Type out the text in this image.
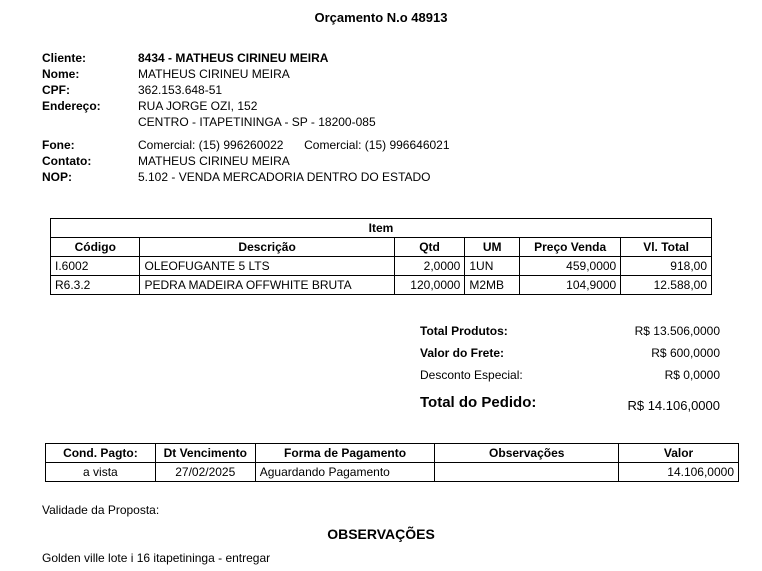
Orçamento N.o 48913
Cliente:	8434 - MATHEUS CIRINEU MEIRA
Nome:	MATHEUS CIRINEU MEIRA
CPF:	362.153.648-51
Endereço:	RUA JORGE OZI, 152
CENTRO - ITAPETININGA - SP - 18200-085
Fone:	Comercial: (15) 996260022 Comercial: (15) 996646021
Contato:	MATHEUS CIRINEU MEIRA
NOP:	5.102 - VENDA MERCADORIA DENTRO DO ESTADO
Item					
Código	Descrição	Qtd	UM	Preço Venda	Vl. Total
I.6002	OLEOFUGANTE 5 LTS	2,0000	1UN	459,0000	918,00
R6.3.2	PEDRA MADEIRA OFFWHITE BRUTA	120,0000	M2MB	104,9000	12.588,00
Total Produtos:	R$ 13.506,0000
Valor do Frete:	R$ 600,0000
Desconto Especial:	R$ 0,0000
Total do Pedido:	R$ 14.106,0000
Cond. Pagto:	Dt Vencimento	Forma de Pagamento	Observações	Valor
a vista	27/02/2025	Aguardando Pagamento		14.106,0000
Validade da Proposta:
OBSERVAÇÕES
Golden ville lote i 16 itapetininga - entregar
